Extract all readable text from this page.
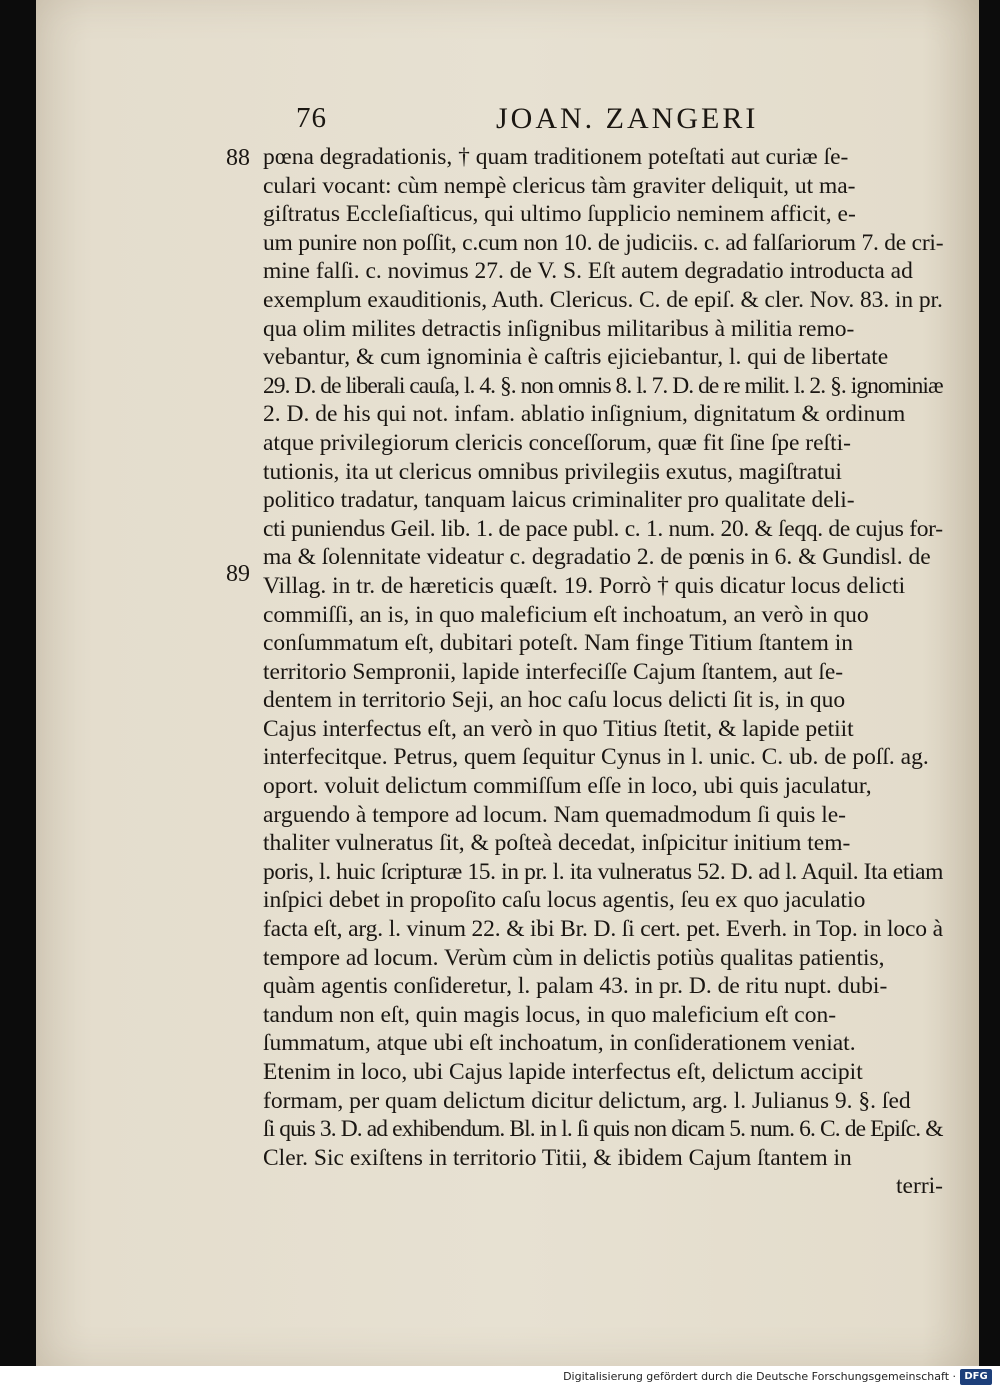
76	JOAN. ZANGERI
88
89
pœna degradationis, † quam traditionem poteſtati aut curiæ ſe-
culari vocant: cùm nempè clericus tàm graviter deliquit, ut ma-
giſtratus Eccleſiaſticus, qui ultimo ſupplicio neminem afficit, e-
um punire non poſſit, c.cum non 10. de judiciis. c. ad falſariorum 7. de cri-
mine falſi. c. novimus 27. de V. S. Eſt autem degradatio introducta ad
exemplum exauditionis, Auth. Clericus. C. de epiſ. & cler. Nov. 83. in pr.
qua olim milites detractis inſignibus militaribus à militia remo-
vebantur, & cum ignominia è caſtris ejiciebantur, l. qui de libertate
29. D. de liberali cauſa, l. 4. §. non omnis 8. l. 7. D. de re milit. l. 2. §. ignominiæ
2. D. de his qui not. infam. ablatio inſignium, dignitatum & ordinum
atque privilegiorum clericis conceſſorum, quæ fit ſine ſpe reſti-
tutionis, ita ut clericus omnibus privilegiis exutus, magiſtratui
politico tradatur, tanquam laicus criminaliter pro qualitate deli-
cti puniendus Geil. lib. 1. de pace publ. c. 1. num. 20. & ſeqq. de cujus for-
ma & ſolennitate videatur c. degradatio 2. de pœnis in 6. & Gundisl. de
Villag. in tr. de hæreticis quæſt. 19. Porrò † quis dicatur locus delicti
commiſſi, an is, in quo maleficium eſt inchoatum, an verò in quo
conſummatum eſt, dubitari poteſt. Nam finge Titium ſtantem in
territorio Sempronii, lapide interfeciſſe Cajum ſtantem, aut ſe-
dentem in territorio Seji, an hoc caſu locus delicti ſit is, in quo
Cajus interfectus eſt, an verò in quo Titius ſtetit, & lapide petiit
interfecitque. Petrus, quem ſequitur Cynus in l. unic. C. ub. de poſſ. ag.
oport. voluit delictum commiſſum eſſe in loco, ubi quis jaculatur,
arguendo à tempore ad locum. Nam quemadmodum ſi quis le-
thaliter vulneratus ſit, & poſteà decedat, inſpicitur initium tem-
poris, l. huic ſcripturæ 15. in pr. l. ita vulneratus 52. D. ad l. Aquil. Ita etiam
inſpici debet in propoſito caſu locus agentis, ſeu ex quo jaculatio
facta eſt, arg. l. vinum 22. & ibi Br. D. ſi cert. pet. Everh. in Top. in loco à
tempore ad locum. Verùm cùm in delictis potiùs qualitas patientis,
quàm agentis conſideretur, l. palam 43. in pr. D. de ritu nupt. dubi-
tandum non eſt, quin magis locus, in quo maleficium eſt con-
ſummatum, atque ubi eſt inchoatum, in conſiderationem veniat.
Etenim in loco, ubi Cajus lapide interfectus eſt, delictum accipit
formam, per quam delictum dicitur delictum, arg. l. Julianus 9. §. ſed
ſi quis 3. D. ad exhibendum. Bl. in l. ſi quis non dicam 5. num. 6. C. de Epiſc. &
Cler. Sic exiſtens in territorio Titii, & ibidem Cajum ſtantem in
terri-
Digitalisierung gefördert durch die Deutsche Forschungsgemeinschaft · DFG
